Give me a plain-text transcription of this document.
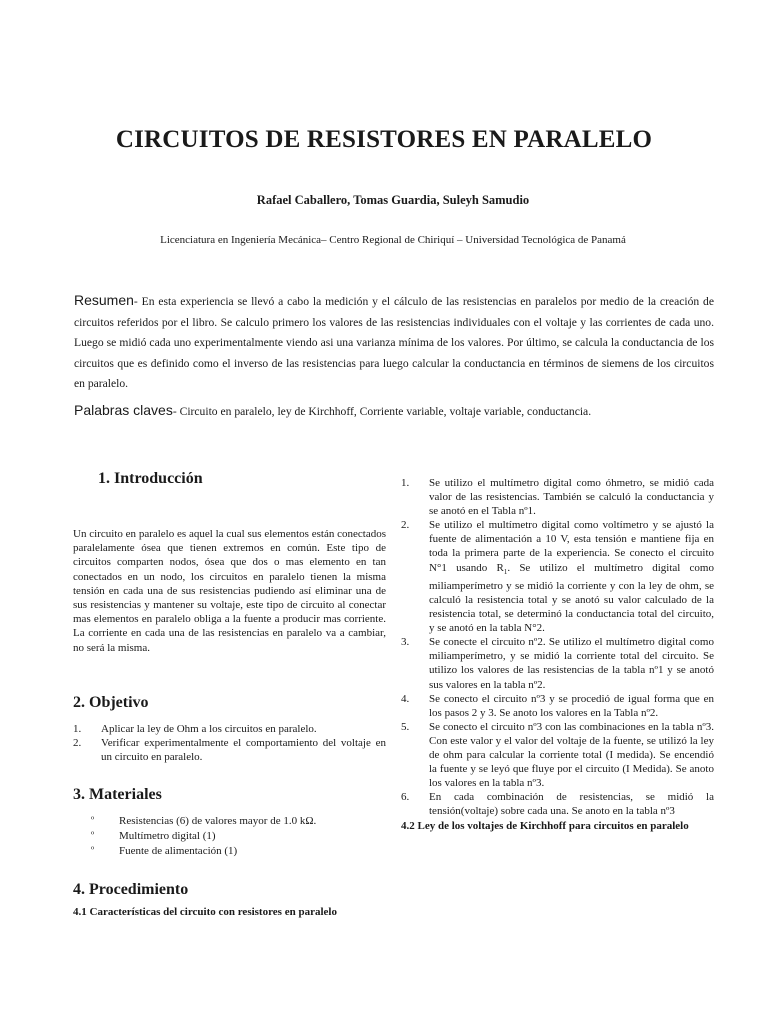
CIRCUITOS DE RESISTORES EN PARALELO

Rafael Caballero, Tomas Guardia, Suleyh Samudio

Licenciatura en Ingeniería Mecánica– Centro Regional de Chiriquí – Universidad Tecnológica de Panamá

Resumen- En esta experiencia se llevó a cabo la medición y el cálculo de las resistencias en paralelos por medio de la creación de circuitos referidos por el libro. Se calculo primero los valores de las resistencias individuales con el voltaje y las corrientes de cada uno. Luego se midió cada uno experimentalmente viendo asi una varianza mínima de los valores. Por último, se calcula la conductancia de los circuitos que es definido como el inverso de las resistencias para luego calcular la conductancia en términos de siemens de los circuitos en paralelo.

Palabras claves- Circuito en paralelo, ley de Kirchhoff, Corriente variable, voltaje variable, conductancia.

1. Introducción

Un circuito en paralelo es aquel la cual sus elementos están conectados paralelamente ósea que tienen extremos en común. Este tipo de circuitos comparten nodos, ósea que dos o mas elemento en tan conectados en un nodo, los circuitos en paralelo tienen la misma tensión en cada una de sus resistencias pudiendo así eliminar una de sus resistencias y mantener su voltaje, este tipo de circuito al conectar mas elementos en paralelo obliga a la fuente a producir mas corriente. La corriente en cada una de las resistencias en paralelo va a cambiar, no será la misma.

2. Objetivo
1. Aplicar la ley de Ohm a los circuitos en paralelo.
2. Verificar experimentalmente el comportamiento del voltaje en un circuito en paralelo.
3. Materiales
º Resistencias (6) de valores mayor de 1.0 kΩ.
º Multímetro digital (1)
º Fuente de alimentación (1)
4. Procedimiento

4.1 Características del circuito con resistores en paralelo

1. Se utilizo el multímetro digital como óhmetro, se midió cada valor de las resistencias. También se calculó la conductancia y se anotó en el Tabla nº1.
2. Se utilizo el multímetro digital como voltímetro y se ajustó la fuente de alimentación a 10 V, esta tensión e mantiene fija en toda la primera parte de la experiencia. Se conecto el circuito N°1 usando $R_1$. Se utilizo el multímetro digital como miliamperímetro y se midió la corriente y con la ley de ohm, se calculó la resistencia total y se anotó su valor calculado de la resistencia total, se determinó la conductancia total del circuito, y se anotó en la tabla N°2.
3. Se conecte el circuito nº2. Se utilizo el multímetro digital como miliamperímetro, y se midió la corriente total del circuito. Se utilizo los valores de las resistencias de la tabla nº1 y se anotó sus valores en la tabla nº2.
4. Se conecto el circuito nº3 y se procedió de igual forma que en los pasos 2 y 3. Se anoto los valores en la Tabla nº2.
5. Se conecto el circuito nº3 con las combinaciones en la tabla nº3. Con este valor y el valor del voltaje de la fuente, se utilizó la ley de ohm para calcular la corriente total (I medida). Se encendió la fuente y se leyó que fluye por el circuito (I Medida). Se anoto los valores en la tabla nº3.
6. En cada combinación de resistencias, se midió la tensión(voltaje) sobre cada una. Se anoto en la tabla nº3

4.2 Ley de los voltajes de Kirchhoff para circuitos en paralelo
